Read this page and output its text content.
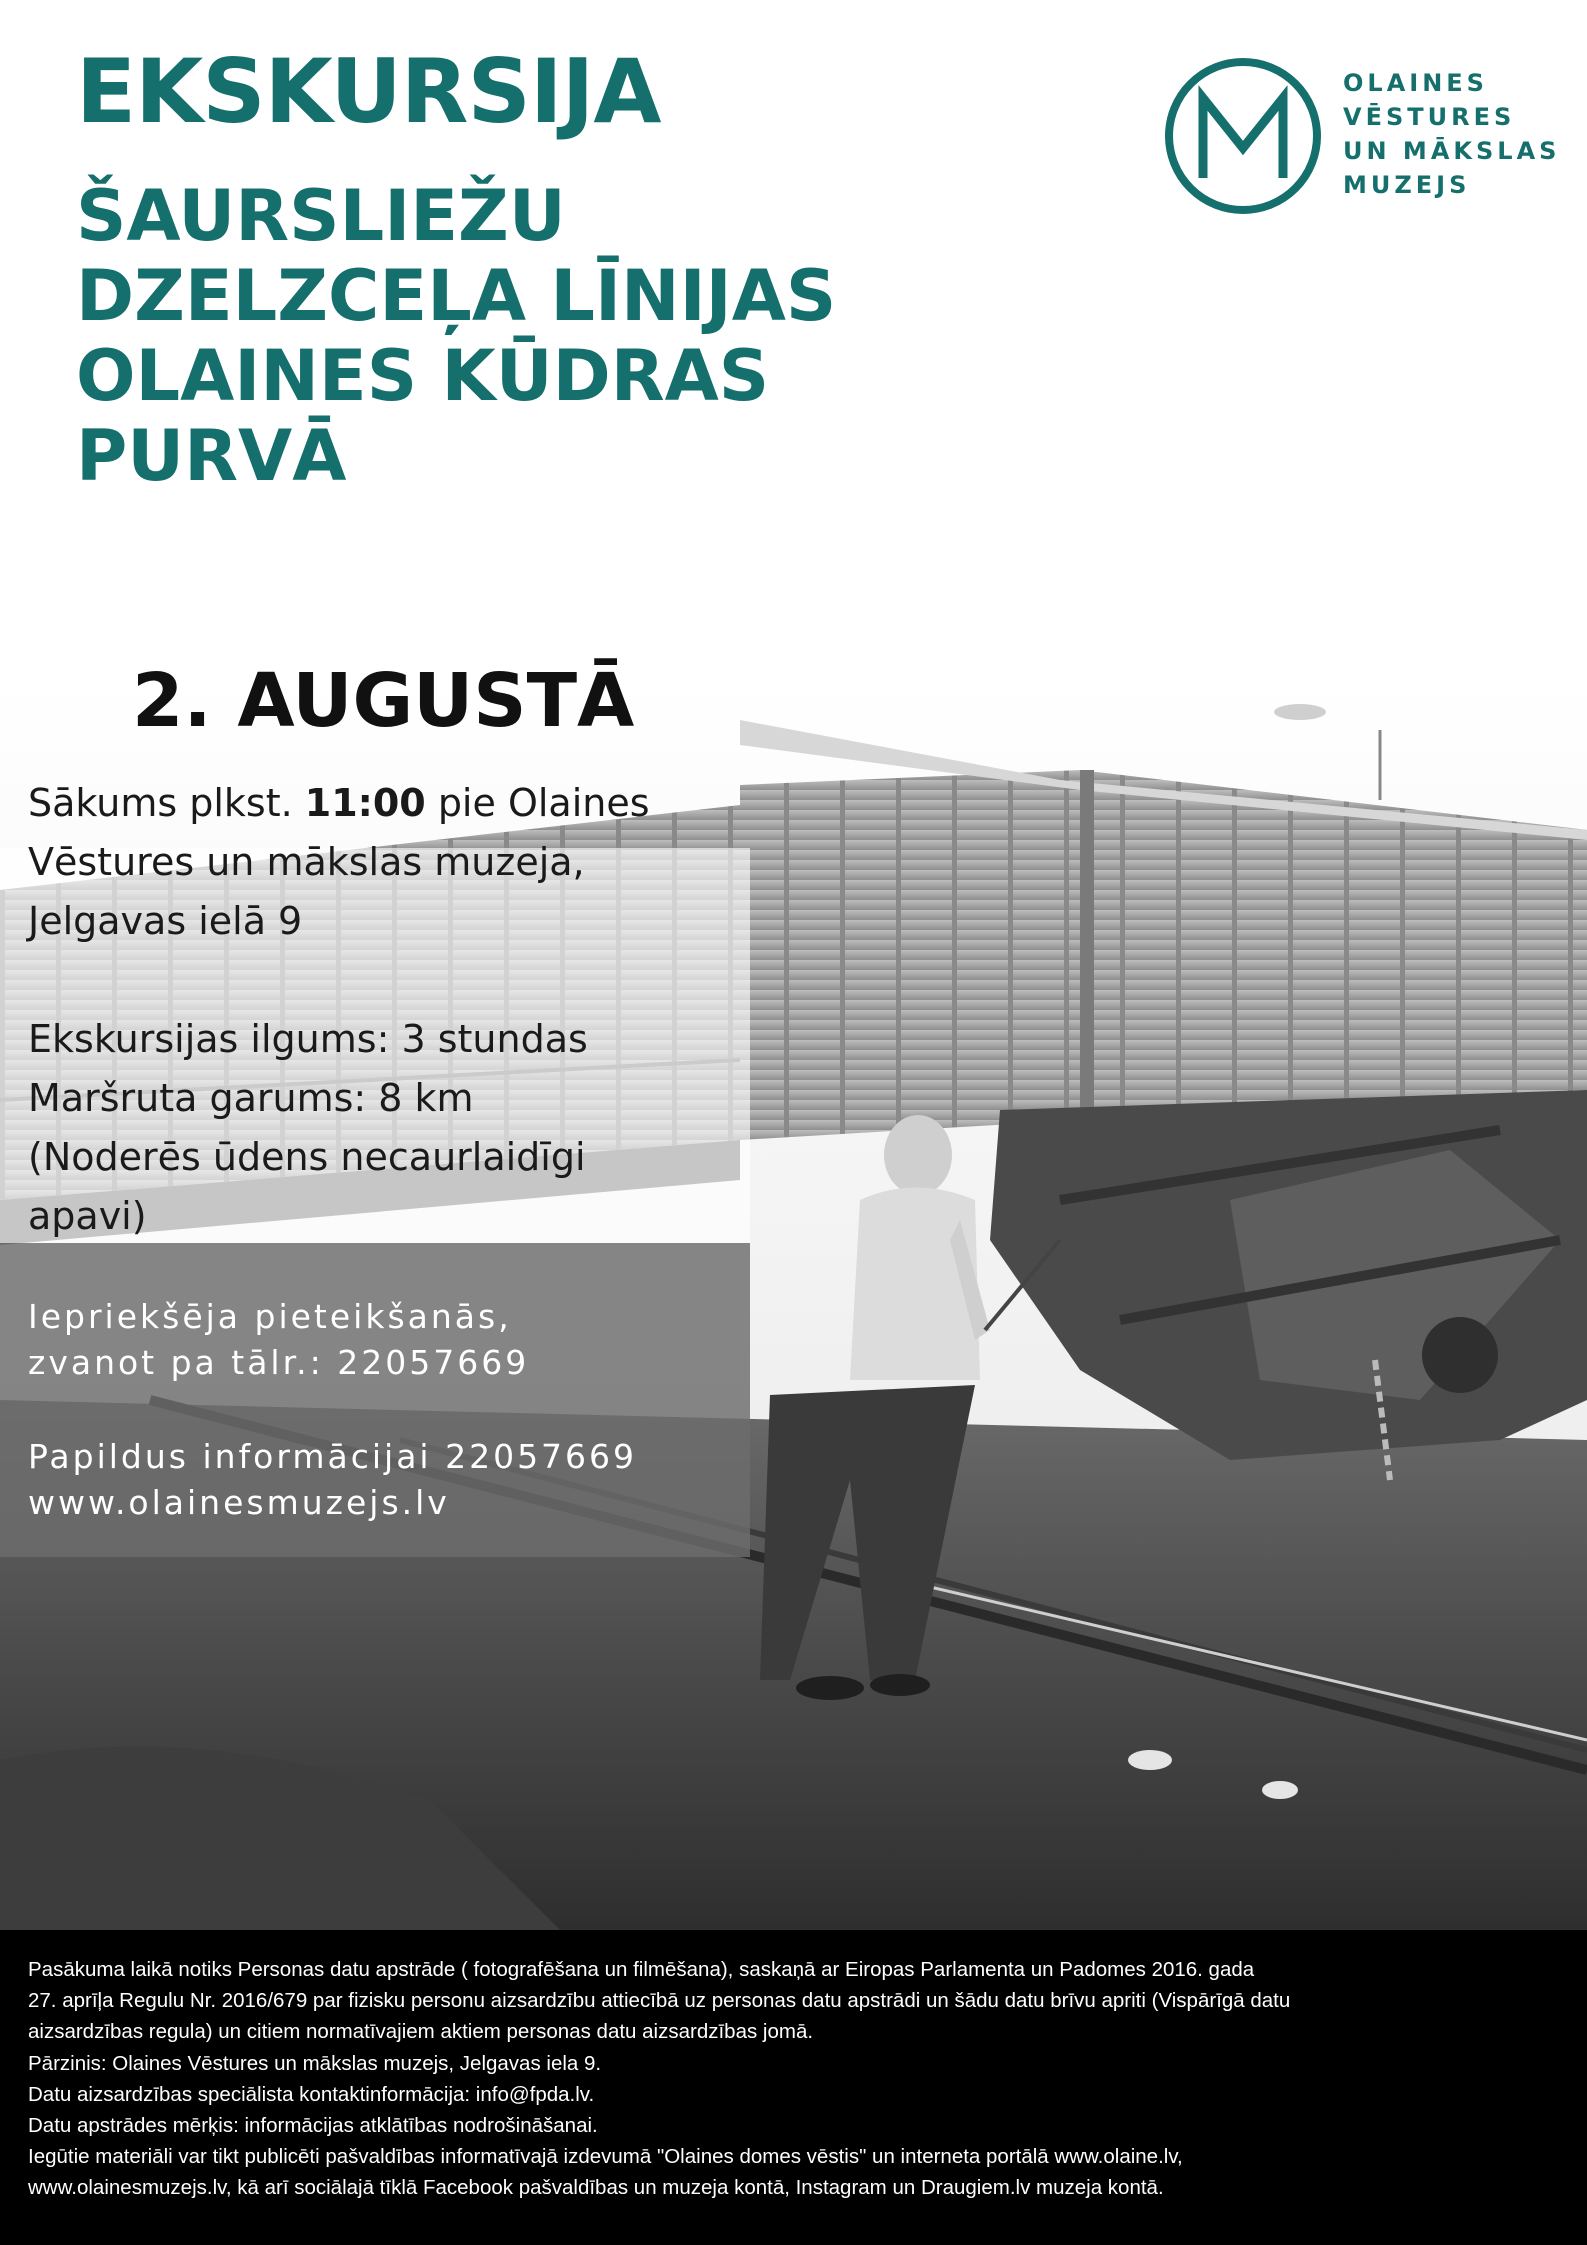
EKSKURSIJA
ŠAURSLIEŽU
DZELZCEĻA LĪNIJAS
OLAINES KŪDRAS
PURVĀ
OLAINES
VĒSTURES
UN MĀKSLAS
MUZEJS
2. AUGUSTĀ
Sākums plkst. 11:00 pie Olaines
Vēstures un mākslas muzeja,
Jelgavas ielā 9
Ekskursijas ilgums: 3 stundas
Maršruta garums: 8 km
(Noderēs ūdens necaurlaidīgi
apavi)
Iepriekšēja pieteikšanās,
zvanot pa tālr.: 22057669
Papildus informācijai 22057669
www.olainesmuzejs.lv
Pasākuma laikā notiks Personas datu apstrāde ( fotografēšana un filmēšana), saskaņā ar Eiropas Parlamenta un Padomes 2016. gada
27. aprīļa Regulu Nr. 2016/679 par fizisku personu aizsardzību attiecībā uz personas datu apstrādi un šādu datu brīvu apriti (Vispārīgā datu
aizsardzības regula) un citiem normatīvajiem aktiem personas datu aizsardzības jomā.
Pārzinis: Olaines Vēstures un mākslas muzejs, Jelgavas iela 9.
Datu aizsardzības speciālista kontaktinformācija: info@fpda.lv.
Datu apstrādes mērķis: informācijas atklātības nodrošināšanai.
Iegūtie materiāli var tikt publicēti pašvaldības informatīvajā izdevumā "Olaines domes vēstis" un interneta portālā www.olaine.lv,
www.olainesmuzejs.lv, kā arī sociālajā tīklā Facebook pašvaldības un muzeja kontā, Instagram un Draugiem.lv muzeja kontā.
